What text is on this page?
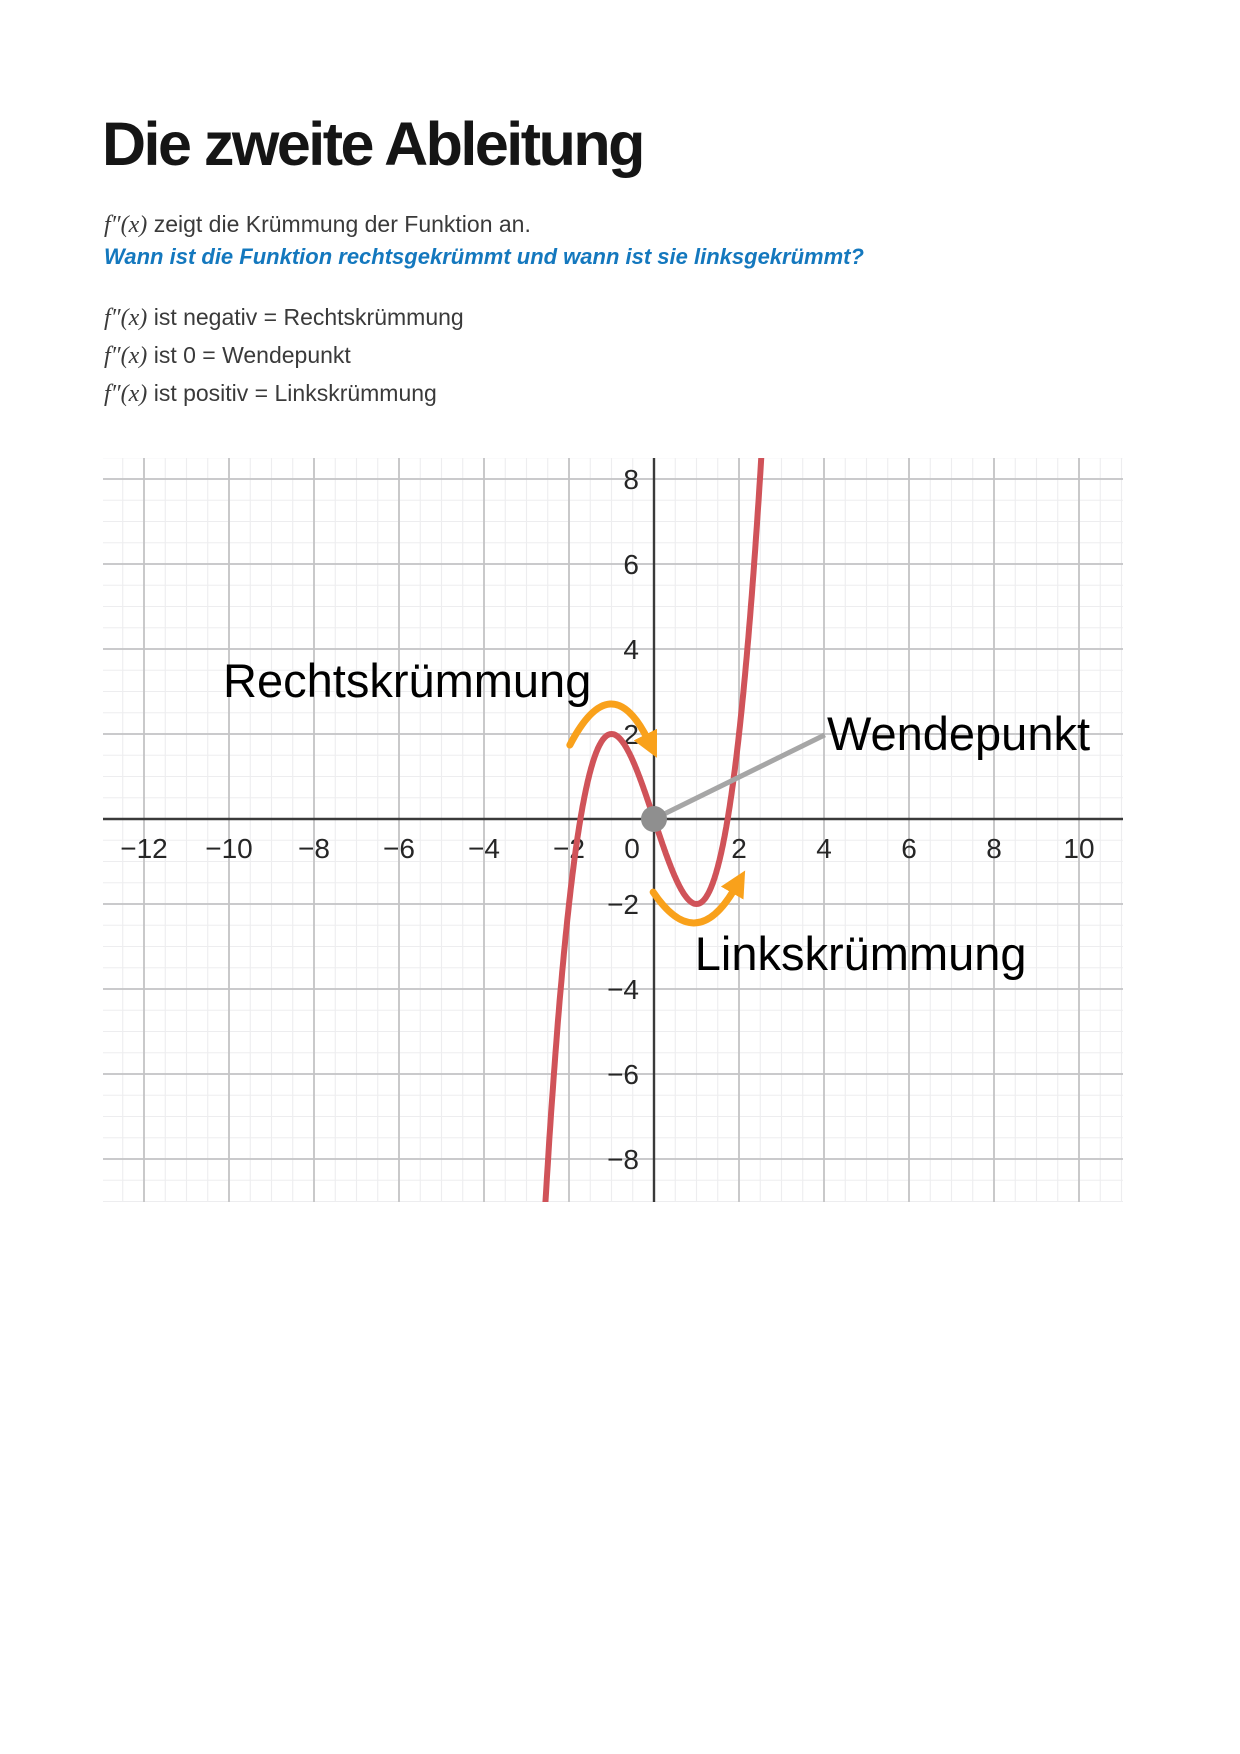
Die zweite Ableitung
f″(x) zeigt die Krümmung der Funktion an.
Wann ist die Funktion rechtsgekrümmt und wann ist sie linksgekrümmt?
f″(x) ist negativ = Rechtskrümmung
f″(x) ist 0 = Wendepunkt
f″(x) ist positiv = Linkskrümmung
−12 −10 −8 −6 −4 −2 0	2 4 6 8 10
−8
−6
−4
−2
2
4
6
8
Rechtskrümmung
Linkskrümmung
Wendepunkt
